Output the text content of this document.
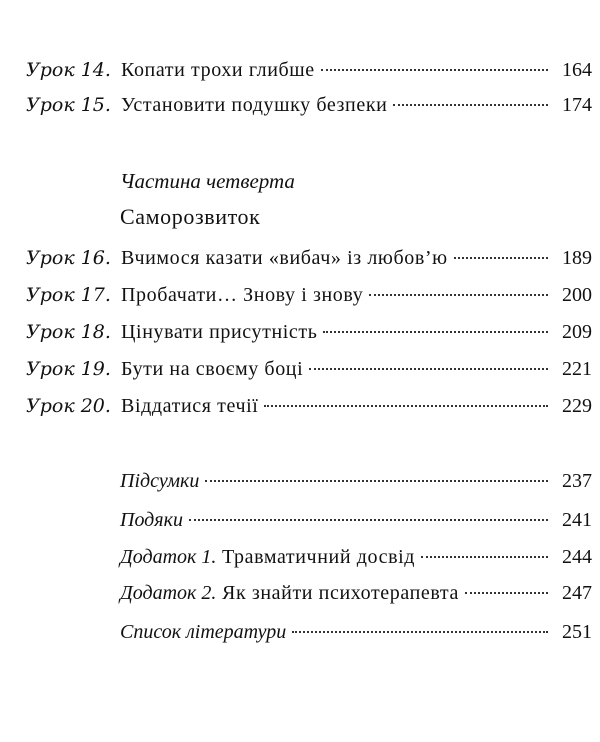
Урок 14. Копати трохи глибше	164
Урок 15. Установити подушку безпеки	174
Частина четверта
Саморозвиток
Урок 16. Вчимося казати «вибач» із любов’ю	189
Урок 17. Пробачати… Знову і знову	200
Урок 18. Цінувати присутність	209
Урок 19. Бути на своєму боці	221
Урок 20. Віддатися течії	229
Підсумки	237
Подяки	241
Додаток 1. Травматичний досвід	244
Додаток 2. Як знайти психотерапевта	247
Список літератури	251
